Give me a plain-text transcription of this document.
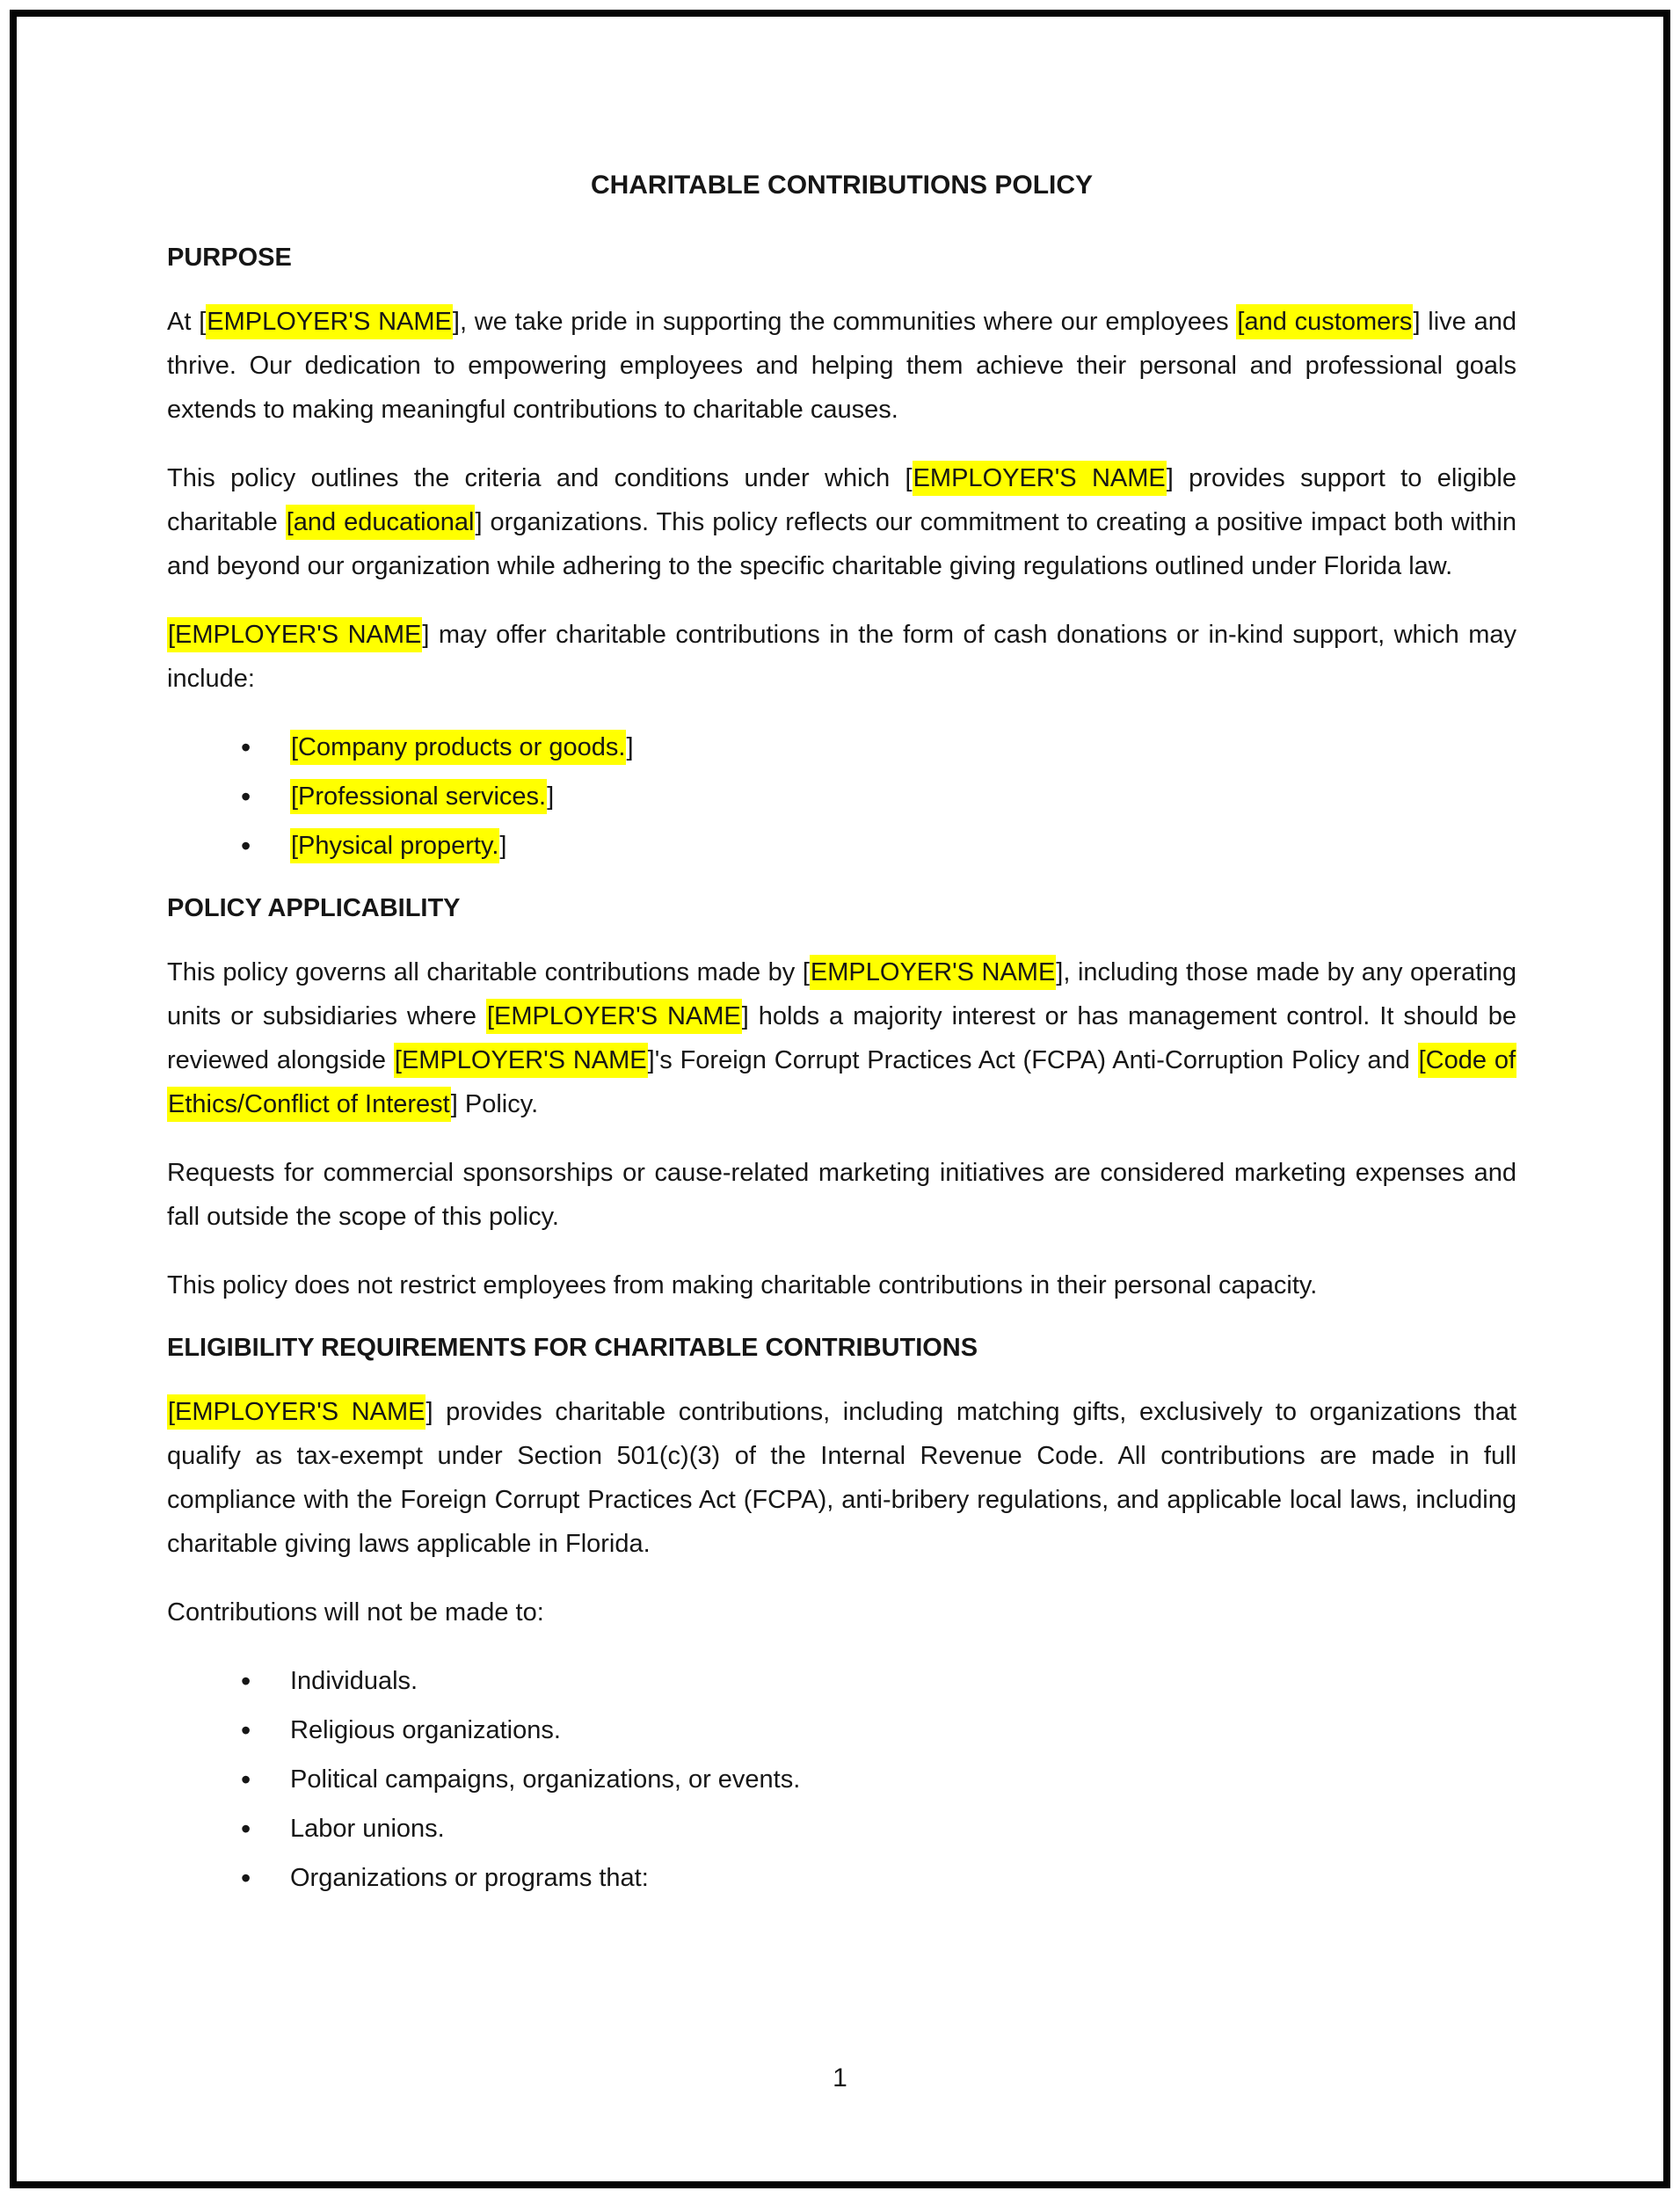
CHARITABLE CONTRIBUTIONS POLICY
PURPOSE

At [EMPLOYER'S NAME], we take pride in supporting the communities where our employees [and customers] live and thrive. Our dedication to empowering employees and helping them achieve their personal and professional goals extends to making meaningful contributions to charitable causes.

This policy outlines the criteria and conditions under which [EMPLOYER'S NAME] provides support to eligible charitable [and educational] organizations. This policy reflects our commitment to creating a positive impact both within and beyond our organization while adhering to the specific charitable giving regulations outlined under Florida law.

[EMPLOYER'S NAME] may offer charitable contributions in the form of cash donations or in-kind support, which may include:

• [Company products or goods.]
• [Professional services.]
• [Physical property.]
POLICY APPLICABILITY

This policy governs all charitable contributions made by [EMPLOYER'S NAME], including those made by any operating units or subsidiaries where [EMPLOYER'S NAME] holds a majority interest or has management control. It should be reviewed alongside [EMPLOYER'S NAME]'s Foreign Corrupt Practices Act (FCPA) Anti-Corruption Policy and [Code of Ethics/Conflict of Interest] Policy.

Requests for commercial sponsorships or cause-related marketing initiatives are considered marketing expenses and fall outside the scope of this policy.

This policy does not restrict employees from making charitable contributions in their personal capacity.

ELIGIBILITY REQUIREMENTS FOR CHARITABLE CONTRIBUTIONS

[EMPLOYER'S NAME] provides charitable contributions, including matching gifts, exclusively to organizations that qualify as tax-exempt under Section 501(c)(3) of the Internal Revenue Code. All contributions are made in full compliance with the Foreign Corrupt Practices Act (FCPA), anti-bribery regulations, and applicable local laws, including charitable giving laws applicable in Florida.

Contributions will not be made to:

• Individuals.
• Religious organizations.
• Political campaigns, organizations, or events.
• Labor unions.
• Organizations or programs that:
1
